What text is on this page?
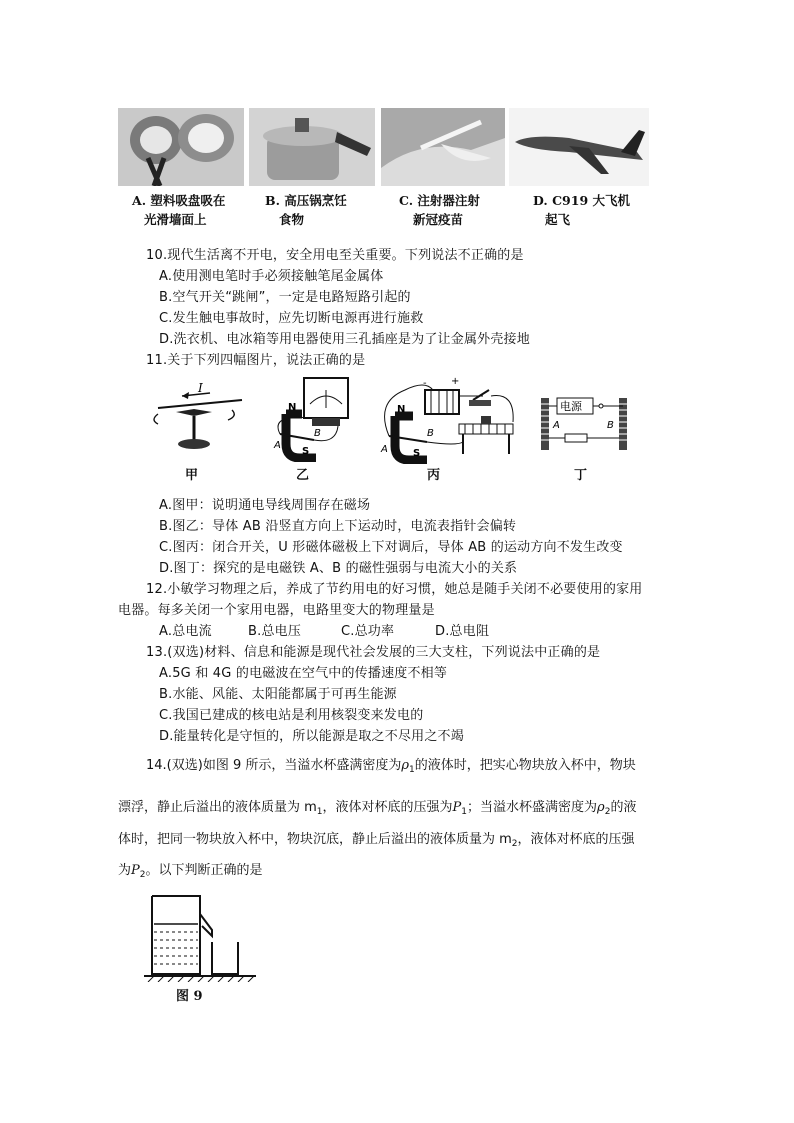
A. 塑料吸盘吸在
光滑墙面上
B. 高压锅烹饪
食物
C. 注射器注射
新冠疫苗
D. C919 大飞机
起飞
10.现代生活离不开电，安全用电至关重要。下列说法不正确的是
A.使用测电笔时手必须接触笔尾金属体
B.空气开关“跳闸”，一定是电路短路引起的
C.发生触电事故时，应先切断电源再进行施救
D.洗衣机、电冰箱等用电器使用三孔插座是为了让金属外壳接地
11.关于下列四幅图片，说法正确的是
I
甲
N
S
A
B
乙
N
S
A
B
+
-
丙
电源
A	B
丁
A.图甲：说明通电导线周围存在磁场
B.图乙：导体 AB 沿竖直方向上下运动时，电流表指针会偏转
C.图丙：闭合开关，U 形磁体磁极上下对调后，导体 AB 的运动方向不发生改变
D.图丁：探究的是电磁铁 A、B 的磁性强弱与电流大小的关系
12.小敏学习物理之后，养成了节约用电的好习惯，她总是随手关闭不必要使用的家用
电器。每多关闭一个家用电器，电路里变大的物理量是
A.总电流	B.总电压	C.总功率	D.总电阻
13.(双选)材料、信息和能源是现代社会发展的三大支柱，下列说法中正确的是
A.5G 和 4G 的电磁波在空气中的传播速度不相等
B.水能、风能、太阳能都属于可再生能源
C.我国已建成的核电站是利用核裂变来发电的
D.能量转化是守恒的，所以能源是取之不尽用之不竭
14.(双选)如图 9 所示，当溢水杯盛满密度为$\rho_1$的液体时，把实心物块放入杯中，物块
漂浮，静止后溢出的液体质量为 $m_1$，液体对杯底的压强为$P_1$；当溢水杯盛满密度为$\rho_2$的液
体时，把同一物块放入杯中，物块沉底，静止后溢出的液体质量为 $m_2$，液体对杯底的压强
为$P_2$。以下判断正确的是
图 9
